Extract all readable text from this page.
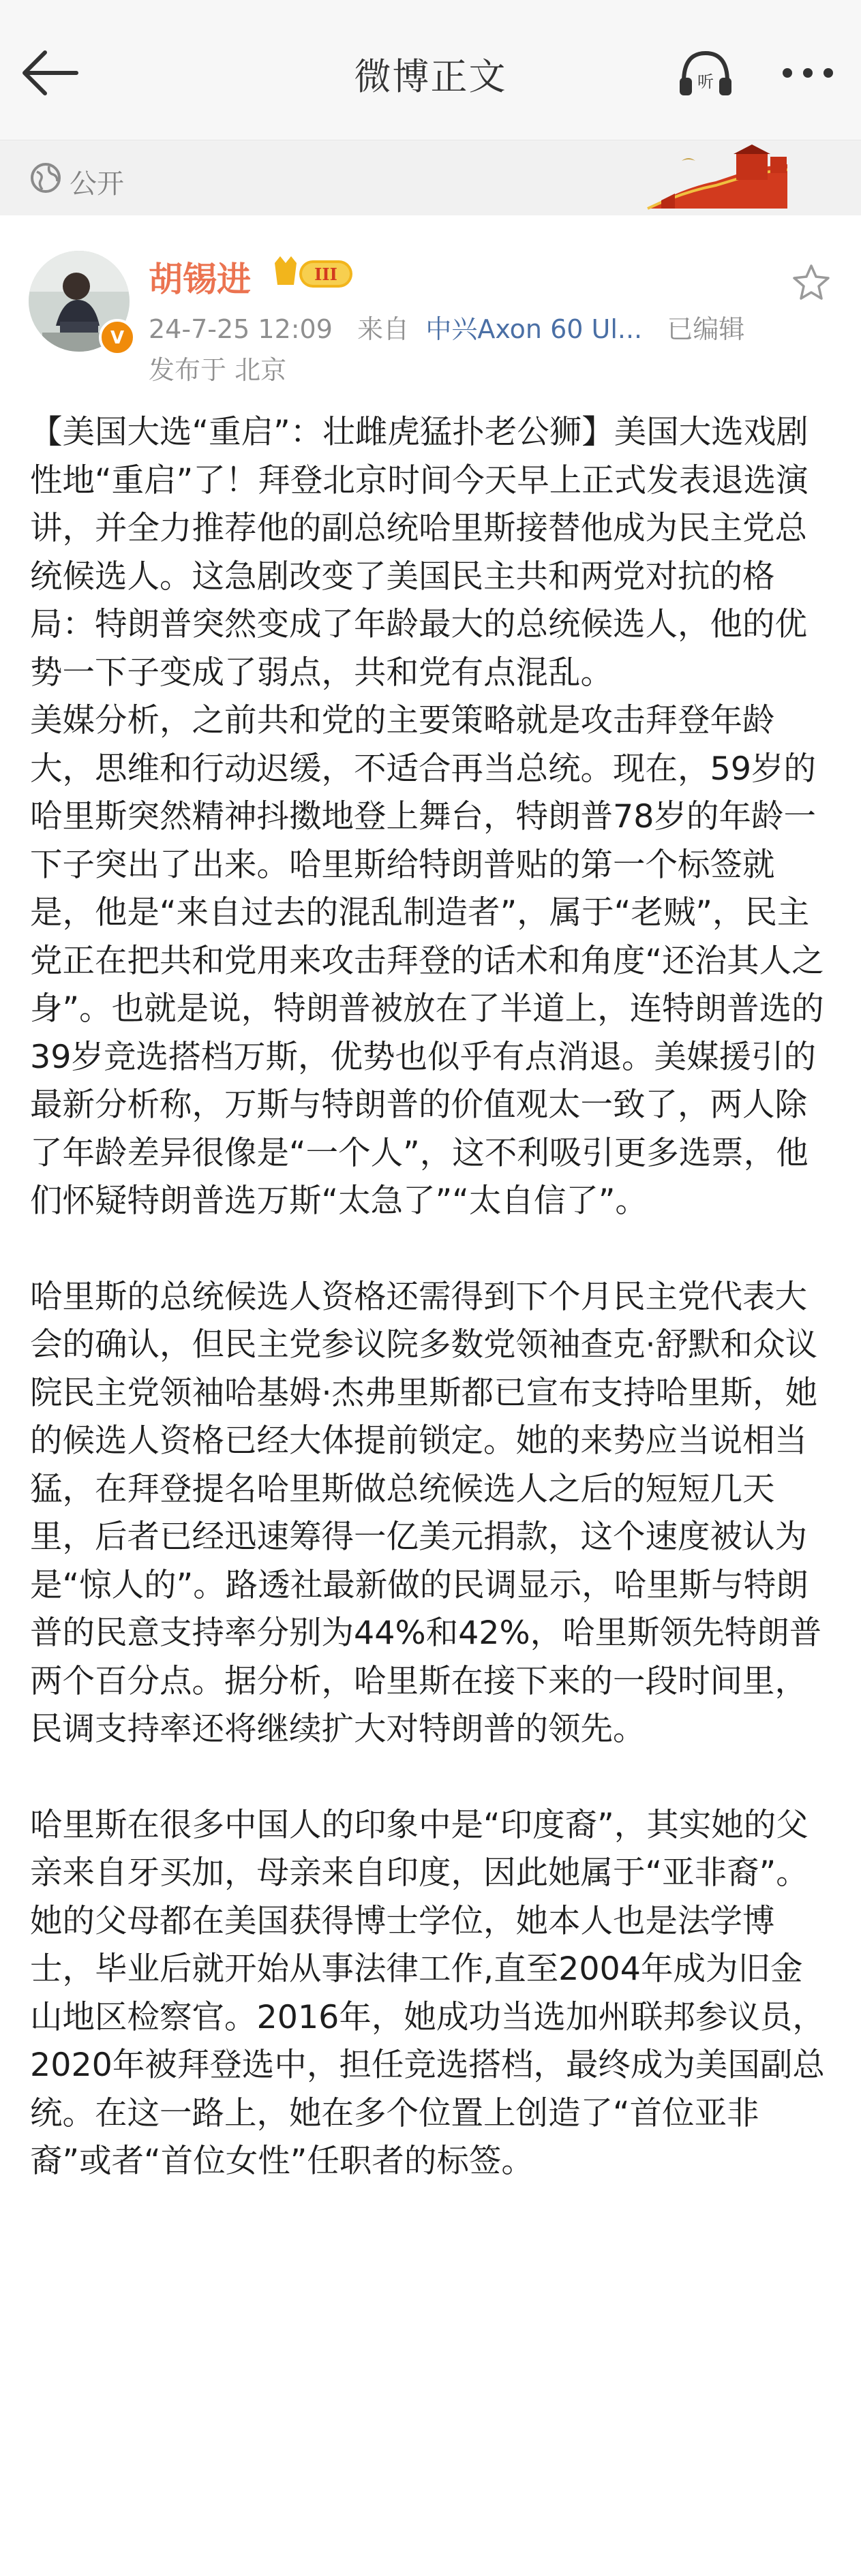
微博正文	听
公开
V
胡锡进	III
24-7-25 12:09 来自 中兴Axon 60 Ul... 已编辑
发布于 北京

【美国大选“重启”：壮雌虎猛扑老公狮】美国大选戏剧性地“重启”了！拜登北京时间今天早上正式发表退选演讲，并全力推荐他的副总统哈里斯接替他成为民主党总统候选人。这急剧改变了美国民主共和两党对抗的格局：特朗普突然变成了年龄最大的总统候选人，他的优势一下子变成了弱点，共和党有点混乱。

美媒分析，之前共和党的主要策略就是攻击拜登年龄大，思维和行动迟缓，不适合再当总统。现在，59岁的哈里斯突然精神抖擞地登上舞台，特朗普78岁的年龄一下子突出了出来。哈里斯给特朗普贴的第一个标签就是，他是“来自过去的混乱制造者”，属于“老贼”，民主党正在把共和党用来攻击拜登的话术和角度“还治其人之身”。也就是说，特朗普被放在了半道上，连特朗普选的39岁竞选搭档万斯，优势也似乎有点消退。美媒援引的最新分析称，万斯与特朗普的价值观太一致了，两人除了年龄差异很像是“一个人”，这不利吸引更多选票，他们怀疑特朗普选万斯“太急了”“太自信了”。

哈里斯的总统候选人资格还需得到下个月民主党代表大会的确认，但民主党参议院多数党领袖查克·舒默和众议院民主党领袖哈基姆·杰弗里斯都已宣布支持哈里斯，她的候选人资格已经大体提前锁定。她的来势应当说相当猛，在拜登提名哈里斯做总统候选人之后的短短几天里，后者已经迅速筹得一亿美元捐款，这个速度被认为是“惊人的”。路透社最新做的民调显示，哈里斯与特朗普的民意支持率分别为44%和42%，哈里斯领先特朗普两个百分点。据分析，哈里斯在接下来的一段时间里，民调支持率还将继续扩大对特朗普的领先。

哈里斯在很多中国人的印象中是“印度裔”，其实她的父亲来自牙买加，母亲来自印度，因此她属于“亚非裔”。她的父母都在美国获得博士学位，她本人也是法学博士，毕业后就开始从事法律工作,直至2004年成为旧金山地区检察官。2016年，她成功当选加州联邦参议员，2020年被拜登选中，担任竞选搭档，最终成为美国副总统。在这一路上，她在多个位置上创造了“首位亚非裔”或者“首位女性”任职者的标签。
